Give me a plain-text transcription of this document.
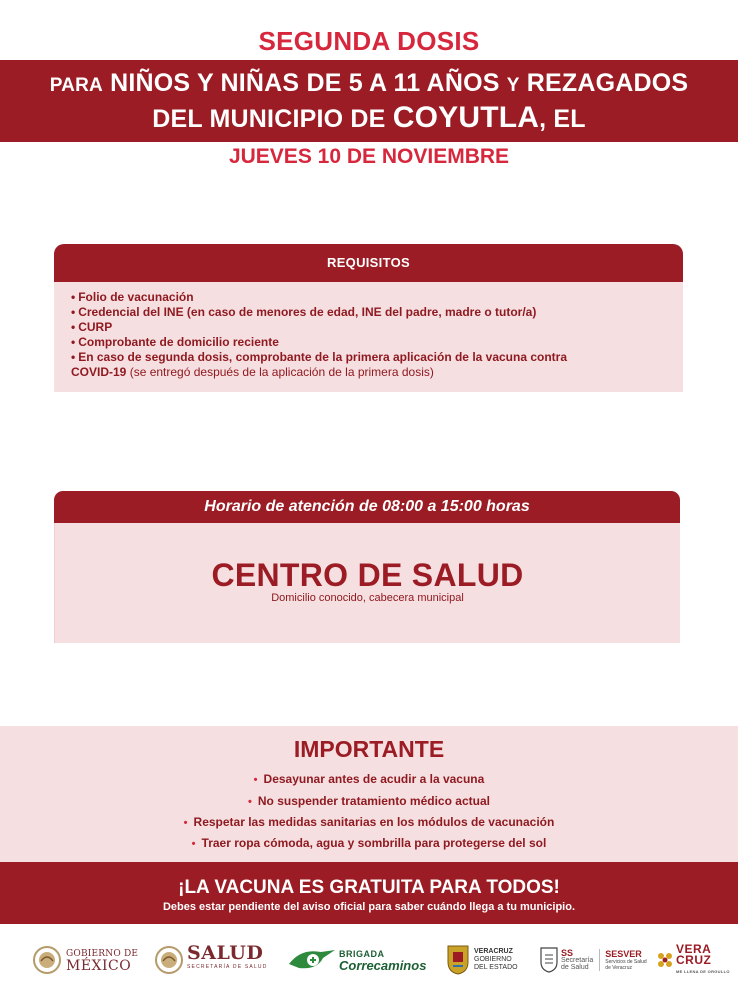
SEGUNDA DOSIS
PARA NIÑOS Y NIÑAS DE 5 A 11 AÑOS Y REZAGADOS
DEL MUNICIPIO DE COYUTLA, EL
JUEVES 10 DE NOVIEMBRE
REQUISITOS
• Folio de vacunación
• Credencial del INE (en caso de menores de edad, INE del padre, madre o tutor/a)
• CURP
• Comprobante de domicilio reciente
• En caso de segunda dosis, comprobante de la primera aplicación de la vacuna contra
COVID-19 (se entregó después de la aplicación de la primera dosis)
Horario de atención de 08:00 a 15:00 horas
CENTRO DE SALUD
Domicilio conocido, cabecera municipal
IMPORTANTE
• Desayunar antes de acudir a la vacuna
• No suspender tratamiento médico actual
• Respetar las medidas sanitarias en los módulos de vacunación
• Traer ropa cómoda, agua y sombrilla para protegerse del sol
¡LA VACUNA ES GRATUITA PARA TODOS!
Debes estar pendiente del aviso oficial para saber cuándo llega a tu municipio.
GOBIERNO DE
MÉXICO
SALUD
SECRETARÍA DE SALUD
BRIGADA
Correcaminos
VERACRUZ
GOBIERNO
DEL ESTADO
SS
Secretaría
de Salud
SESVER
Servicios de Salud
de Veracruz
VERA
CRUZ
ME LLENA DE ORGULLO
